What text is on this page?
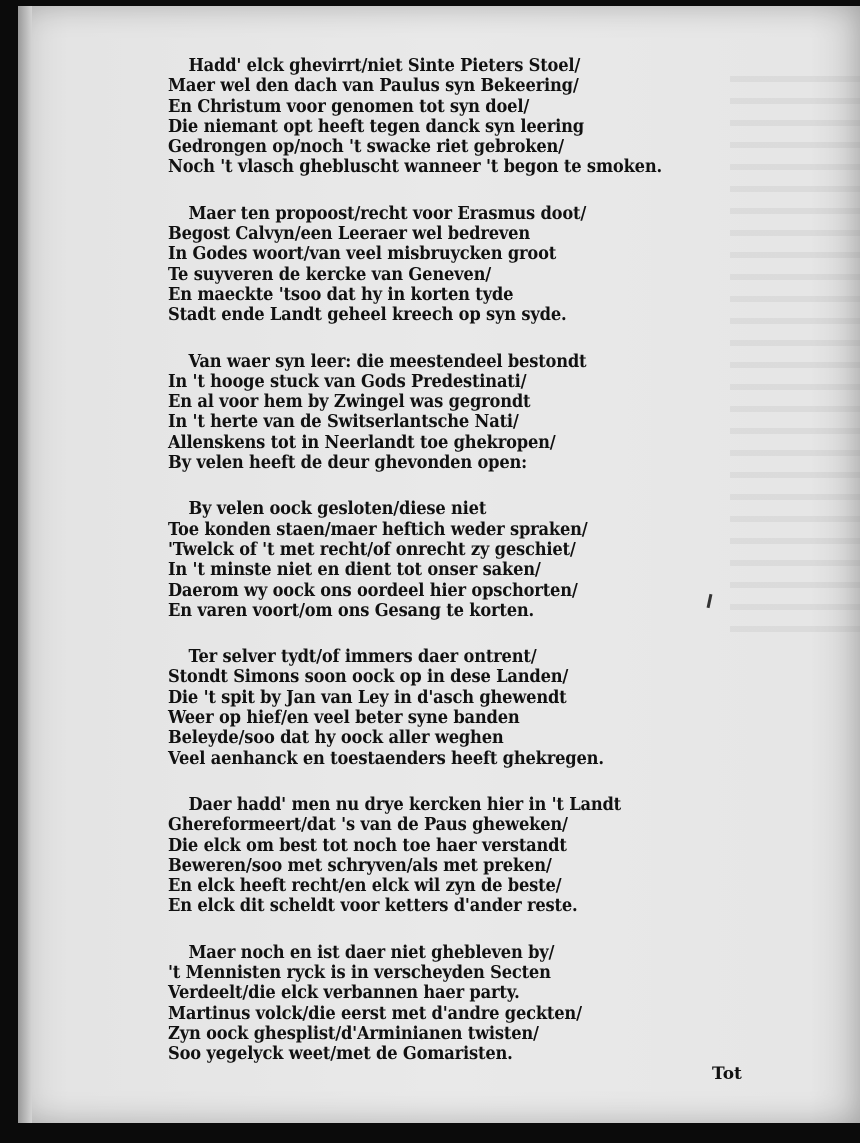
Hadd' elck ghevirrt/niet Sinte Pieters Stoel/
Maer wel den dach van Paulus syn Bekeering/
En Christum voor genomen tot syn doel/
Die niemant opt heeft tegen danck syn leering
Gedrongen op/noch 't swacke riet gebroken/
Noch 't vlasch ghebluscht wanneer 't begon te smoken.
Maer ten propoost/recht voor Erasmus doot/
Begost Calvyn/een Leeraer wel bedreven
In Godes woort/van veel misbruycken groot
Te suyveren de kercke van Geneven/
En maeckte 'tsoo dat hy in korten tyde
Stadt ende Landt geheel kreech op syn syde.
Van waer syn leer: die meestendeel bestondt
In 't hooge stuck van Gods Predestinati/
En al voor hem by Zwingel was gegrondt
In 't herte van de Switserlantsche Nati/
Allenskens tot in Neerlandt toe ghekropen/
By velen heeft de deur ghevonden open:
By velen oock gesloten/diese niet
Toe konden staen/maer heftich weder spraken/
'Twelck of 't met recht/of onrecht zy geschiet/
In 't minste niet en dient tot onser saken/
Daerom wy oock ons oordeel hier opschorten/
En varen voort/om ons Gesang te korten.
Ter selver tydt/of immers daer ontrent/
Stondt Simons soon oock op in dese Landen/
Die 't spit by Jan van Ley in d'asch ghewendt
Weer op hief/en veel beter syne banden
Beleyde/soo dat hy oock aller weghen
Veel aenhanck en toestaenders heeft ghekregen.
Daer hadd' men nu drye kercken hier in 't Landt
Ghereformeert/dat 's van de Paus gheweken/
Die elck om best tot noch toe haer verstandt
Beweren/soo met schryven/als met preken/
En elck heeft recht/en elck wil zyn de beste/
En elck dit scheldt voor ketters d'ander reste.
Maer noch en ist daer niet ghebleven by/
't Mennisten ryck is in verscheyden Secten
Verdeelt/die elck verbannen haer party.
Martinus volck/die eerst met d'andre geckten/
Zyn oock ghesplist/d'Arminianen twisten/
Soo yegelyck weet/met de Gomaristen.
Tot
